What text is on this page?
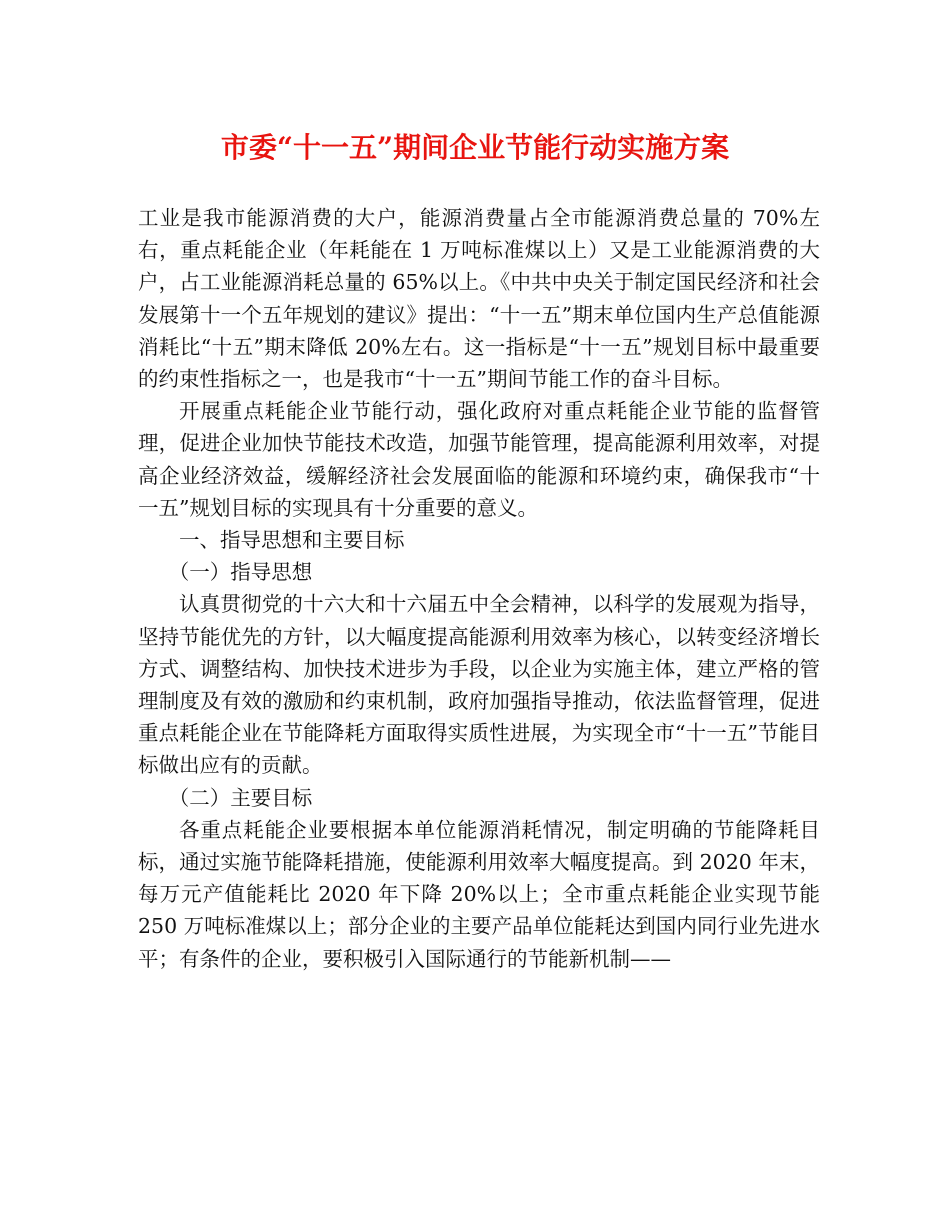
市委“十一五”期间企业节能行动实施方案

工业是我市能源消费的大户，能源消费量占全市能源消费总量的 70%左右，重点耗能企业（年耗能在 1 万吨标准煤以上）又是工业能源消费的大户，占工业能源消耗总量的 65%以上。《中共中央关于制定国民经济和社会发展第十一个五年规划的建议》提出：“十一五”期末单位国内生产总值能源消耗比“十五”期末降低 20%左右。这一指标是“十一五”规划目标中最重要的约束性指标之一，也是我市“十一五”期间节能工作的奋斗目标。

开展重点耗能企业节能行动，强化政府对重点耗能企业节能的监督管理，促进企业加快节能技术改造，加强节能管理，提高能源利用效率，对提高企业经济效益，缓解经济社会发展面临的能源和环境约束，确保我市“十一五”规划目标的实现具有十分重要的意义。

一、指导思想和主要目标

（一）指导思想

认真贯彻党的十六大和十六届五中全会精神，以科学的发展观为指导，坚持节能优先的方针，以大幅度提高能源利用效率为核心，以转变经济增长方式、调整结构、加快技术进步为手段，以企业为实施主体，建立严格的管理制度及有效的激励和约束机制，政府加强指导推动，依法监督管理，促进重点耗能企业在节能降耗方面取得实质性进展，为实现全市“十一五”节能目标做出应有的贡献。

（二）主要目标

各重点耗能企业要根据本单位能源消耗情况，制定明确的节能降耗目标，通过实施节能降耗措施，使能源利用效率大幅度提高。到 2020 年末，每万元产值能耗比 2020 年下降 20%以上；全市重点耗能企业实现节能 250 万吨标准煤以上；部分企业的主要产品单位能耗达到国内同行业先进水平；有条件的企业，要积极引入国际通行的节能新机制——
